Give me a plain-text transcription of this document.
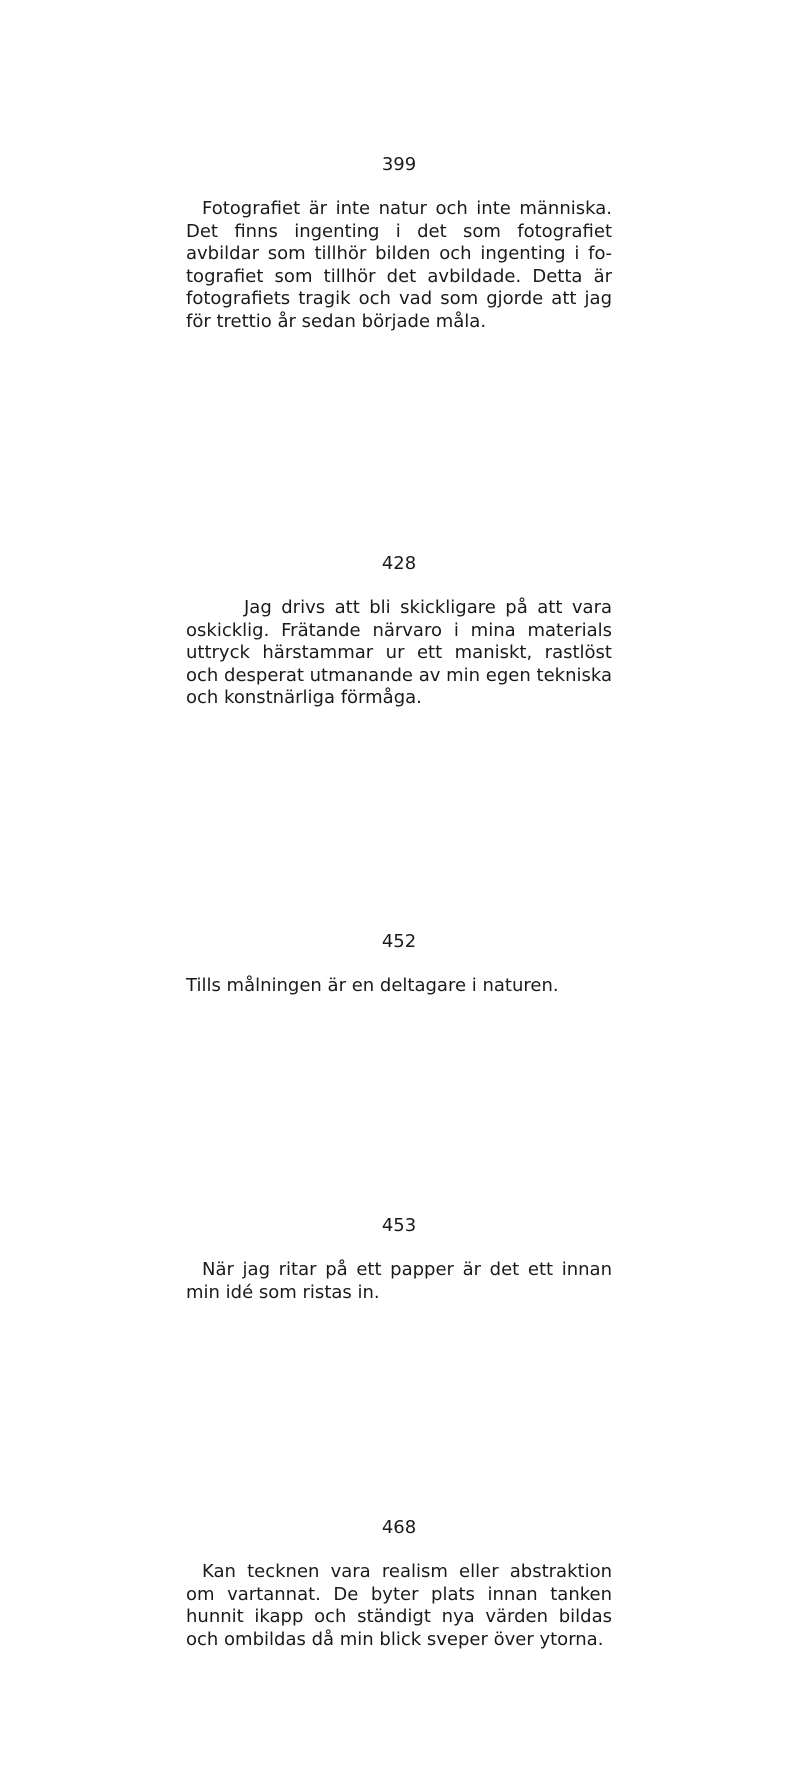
399

Fotografiet är inte natur och inte människa. Det finns ingenting i det som fotografiet avbildar som tillhör bilden och ingenting i fotografiet som tillhör det avbildade. Detta är fotografiets tragik och vad som gjorde att jag för trettio år sedan började måla.

428

Jag drivs att bli skickligare på att vara oskicklig. Frätande närvaro i mina materials uttryck härstammar ur ett maniskt, rastlöst och desperat utmanande av min egen tekniska och konstnärliga förmåga.

452

Tills målningen är en deltagare i naturen.

453

När jag ritar på ett papper är det ett innan min idé som ristas in.

468

Kan tecknen vara realism eller abstraktion om vartannat. De byter plats innan tanken hunnit ikapp och ständigt nya värden bildas och ombildas då min blick sveper över ytorna.
